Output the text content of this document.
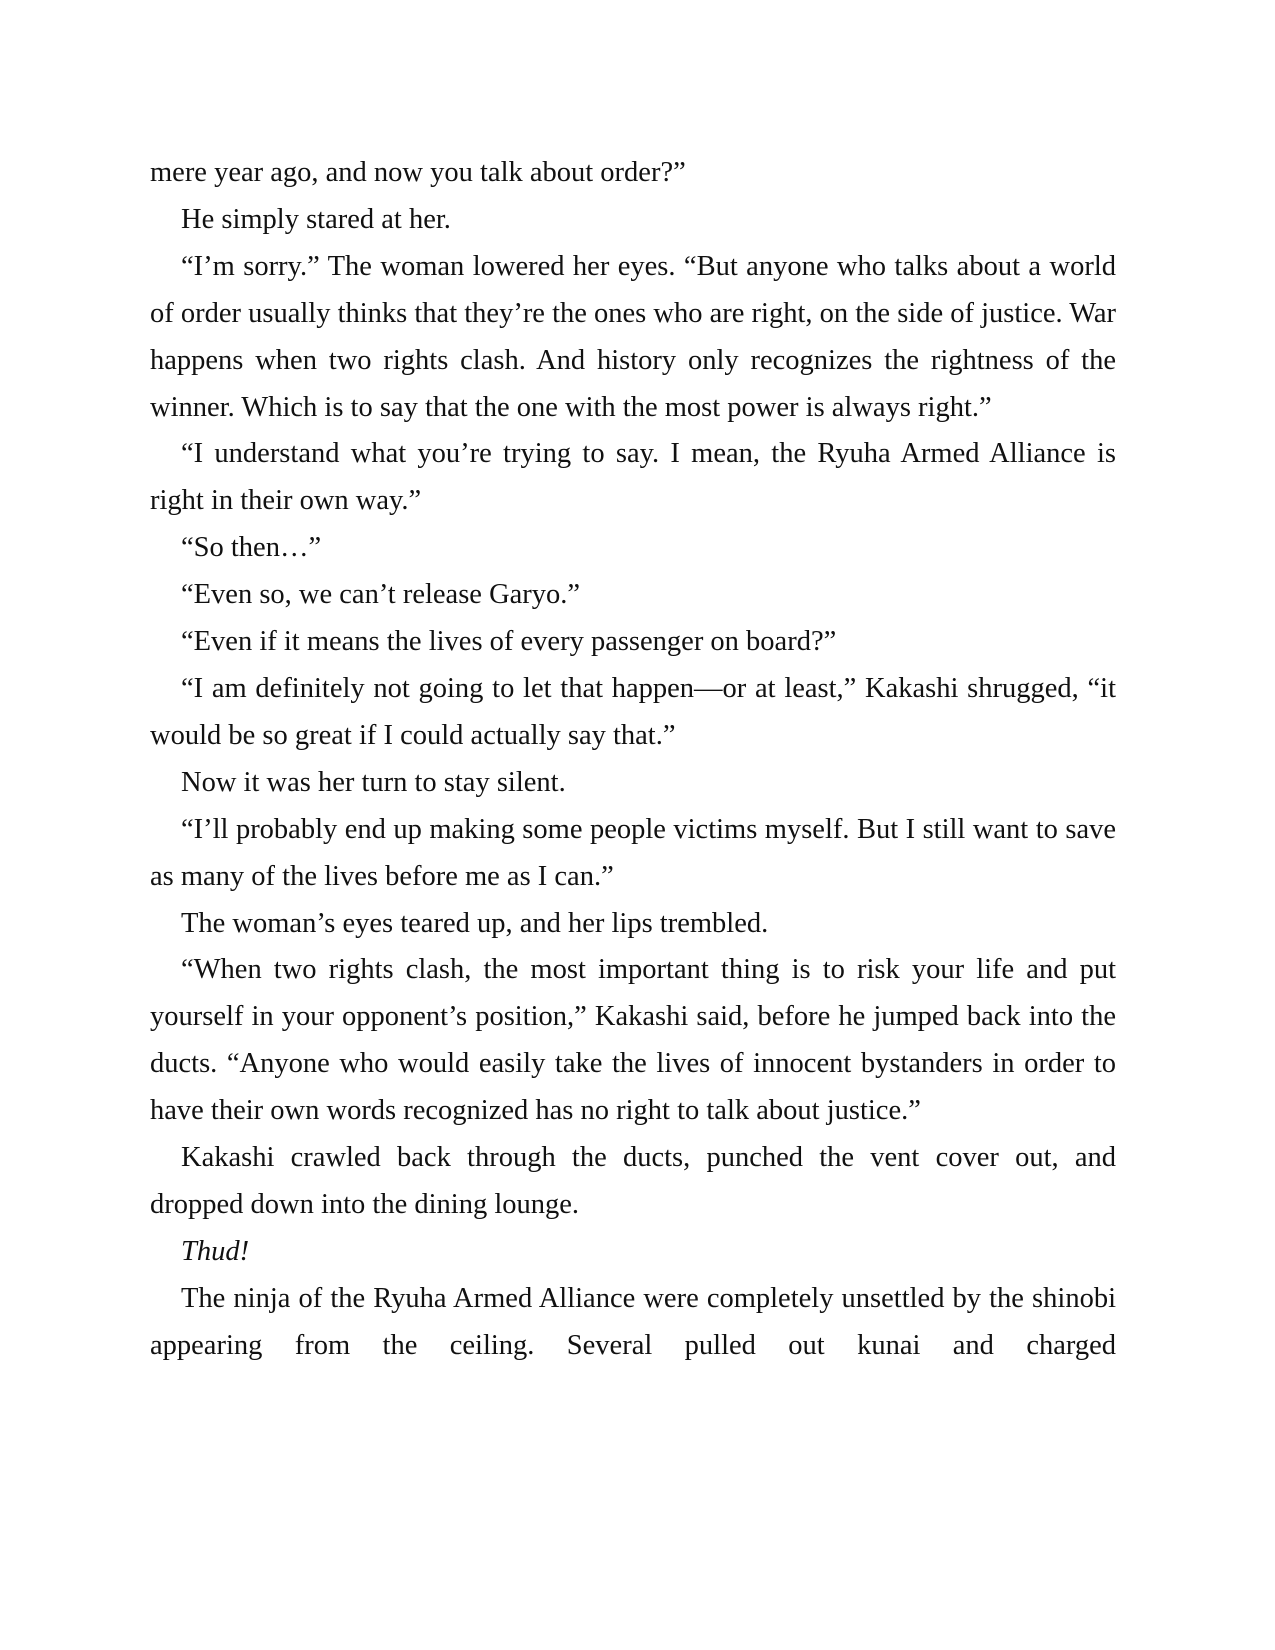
mere year ago, and now you talk about order?”

He simply stared at her.

“I’m sorry.” The woman lowered her eyes. “But anyone who talks about a world of order usually thinks that they’re the ones who are right, on the side of justice. War happens when two rights clash. And history only recognizes the rightness of the winner. Which is to say that the one with the most power is always right.”

“I understand what you’re trying to say. I mean, the Ryuha Armed Alliance is right in their own way.”

“So then…”

“Even so, we can’t release Garyo.”

“Even if it means the lives of every passenger on board?”

“I am definitely not going to let that happen—or at least,” Kakashi shrugged, “it would be so great if I could actually say that.”

Now it was her turn to stay silent.

“I’ll probably end up making some people victims myself. But I still want to save as many of the lives before me as I can.”

The woman’s eyes teared up, and her lips trembled.

“When two rights clash, the most important thing is to risk your life and put yourself in your opponent’s position,” Kakashi said, before he jumped back into the ducts. “Anyone who would easily take the lives of innocent bystanders in order to have their own words recognized has no right to talk about justice.”

Kakashi crawled back through the ducts, punched the vent cover out, and dropped down into the dining lounge.

Thud!

The ninja of the Ryuha Armed Alliance were completely unsettled by the shinobi appearing from the ceiling. Several pulled out kunai and charged
